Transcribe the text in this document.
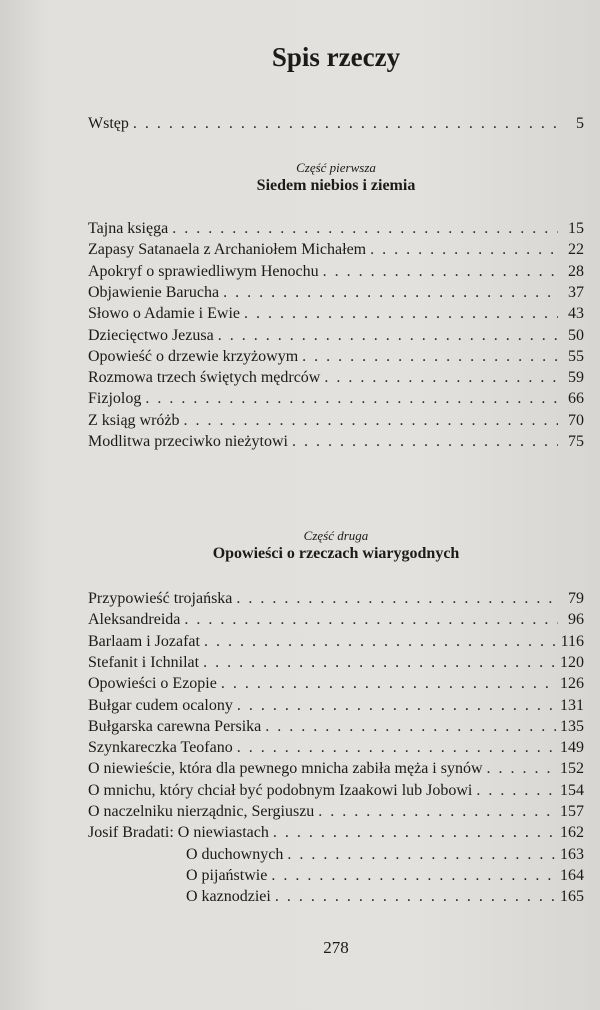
Spis rzeczy
Wstęp . . .	5
Część pierwsza
Siedem niebios i ziemia
Tajna księga . . .	15
Zapasy Satanaela z Archaniołem Michałem . . .	22
Apokryf o sprawiedliwym Henochu . . .	28
Objawienie Barucha . . .	37
Słowo o Adamie i Ewie . . .	43
Dziecięctwo Jezusa . . .	50
Opowieść o drzewie krzyżowym . . .	55
Rozmowa trzech świętych mędrców . . .	59
Fizjolog . . .	66
Z ksiąg wróżb . . .	70
Modlitwa przeciwko nieżytowi . . .	75
Część druga
Opowieści o rzeczach wiarygodnych
Przypowieść trojańska . . .	79
Aleksandreida . . .	96
Barlaam i Jozafat . . .	116
Stefanit i Ichnilat . . .	120
Opowieści o Ezopie . . .	126
Bułgar cudem ocalony . . .	131
Bułgarska carewna Persika . . .	135
Szynkareczka Teofano . . .	149
O niewieście, która dla pewnego mnicha zabiła męża i synów . . .	152
O mnichu, który chciał być podobnym Izaakowi lub Jobowi . . .	154
O naczelniku nierządnic, Sergiuszu . . .	157
Josif Bradati: O niewiastach . . .	162
O duchownych . . .	163
O pijaństwie . . .	164
O kaznodziei . . .	165
278
